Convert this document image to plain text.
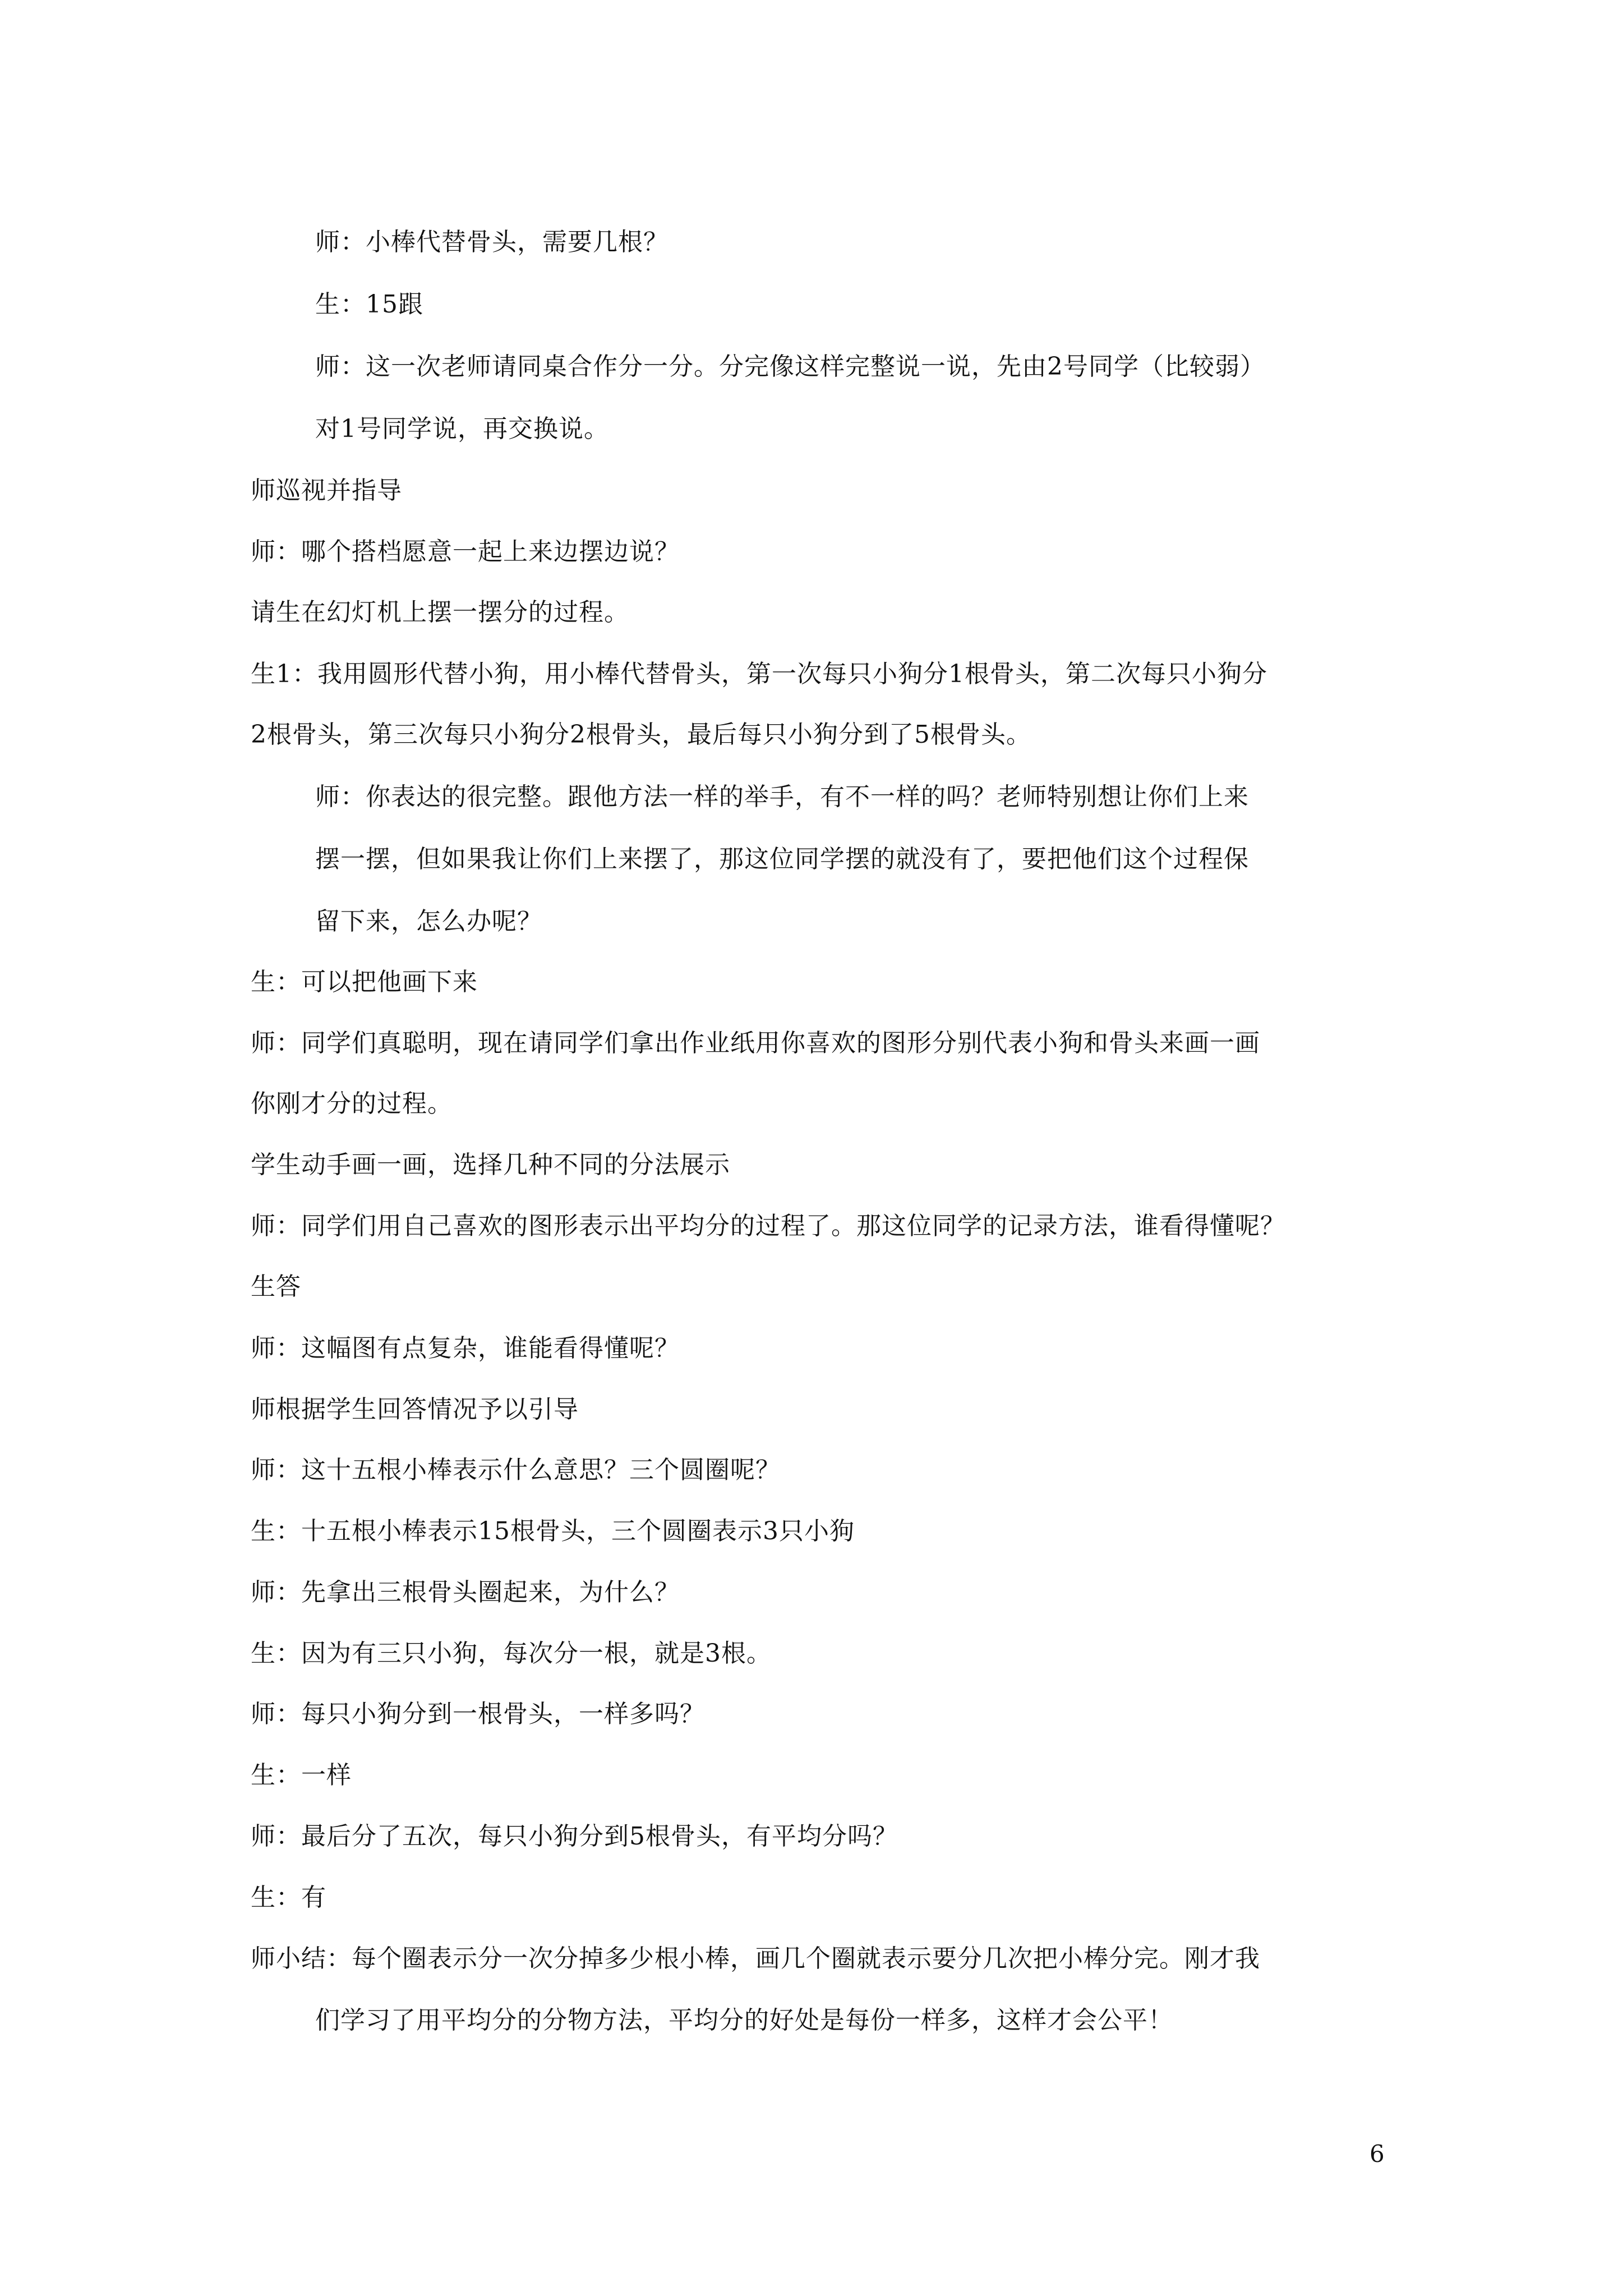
师：小棒代替骨头，需要几根？
生：15跟
师：这一次老师请同桌合作分一分。分完像这样完整说一说，先由2号同学（比较弱）
对1号同学说，再交换说。
师巡视并指导
师：哪个搭档愿意一起上来边摆边说？
请生在幻灯机上摆一摆分的过程。
生1：我用圆形代替小狗，用小棒代替骨头，第一次每只小狗分1根骨头，第二次每只小狗分
2根骨头，第三次每只小狗分2根骨头，最后每只小狗分到了5根骨头。
师：你表达的很完整。跟他方法一样的举手，有不一样的吗？老师特别想让你们上来
摆一摆，但如果我让你们上来摆了，那这位同学摆的就没有了，要把他们这个过程保
留下来，怎么办呢？
生：可以把他画下来
师：同学们真聪明，现在请同学们拿出作业纸用你喜欢的图形分别代表小狗和骨头来画一画
你刚才分的过程。
学生动手画一画，选择几种不同的分法展示
师：同学们用自己喜欢的图形表示出平均分的过程了。那这位同学的记录方法，谁看得懂呢？
生答
师：这幅图有点复杂，谁能看得懂呢？
师根据学生回答情况予以引导
师：这十五根小棒表示什么意思？三个圆圈呢？
生：十五根小棒表示15根骨头，三个圆圈表示3只小狗
师：先拿出三根骨头圈起来，为什么？
生：因为有三只小狗，每次分一根，就是3根。
师：每只小狗分到一根骨头，一样多吗？
生：一样
师：最后分了五次，每只小狗分到5根骨头，有平均分吗？
生：有
师小结：每个圈表示分一次分掉多少根小棒，画几个圈就表示要分几次把小棒分完。刚才我
们学习了用平均分的分物方法，平均分的好处是每份一样多，这样才会公平！
6
